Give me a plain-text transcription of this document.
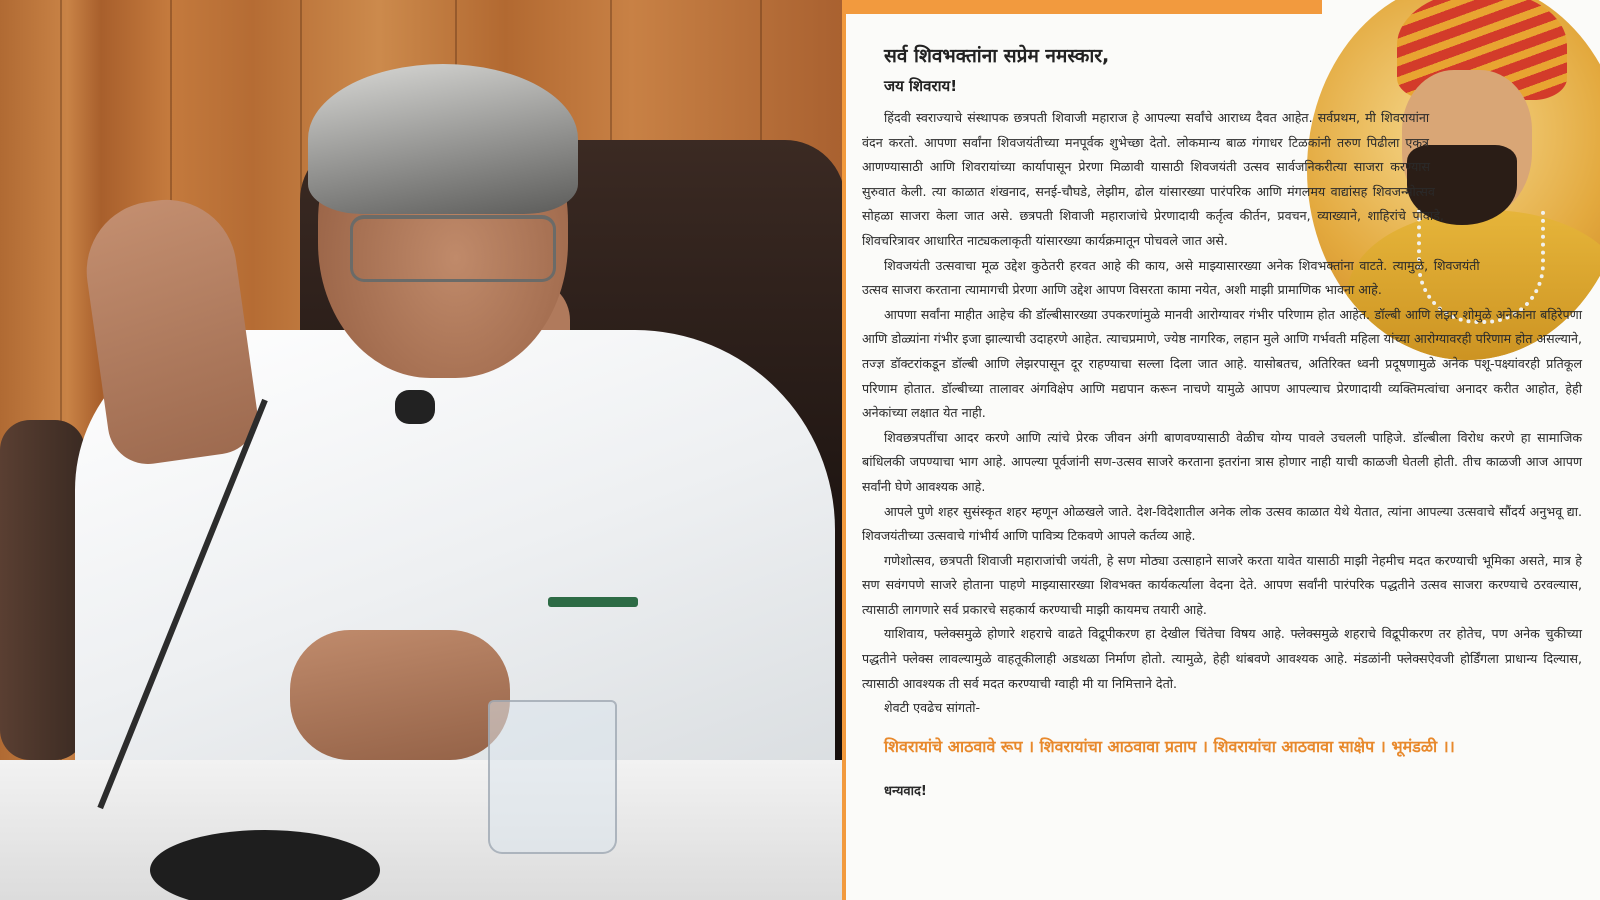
सर्व शिवभक्तांना सप्रेम नमस्कार,

जय शिवराय!

हिंदवी स्वराज्याचे संस्थापक छत्रपती शिवाजी महाराज हे आपल्या सर्वांचे आराध्य दैवत आहेत. सर्वप्रथम, मी शिवरायांना वंदन करतो. आपणा सर्वांना शिवजयंतीच्या मनपूर्वक शुभेच्छा देतो. लोकमान्य बाळ गंगाधर टिळकांनी तरुण पिढीला एकत्र आणण्यासाठी आणि शिवरायांच्या कार्यापासून प्रेरणा मिळावी यासाठी शिवजयंती उत्सव सार्वजनिकरीत्या साजरा करण्यास सुरुवात केली. त्या काळात शंखनाद, सनई-चौघडे, लेझीम, ढोल यांसारख्या पारंपरिक आणि मंगलमय वाद्यांसह शिवजन्मोत्सव सोहळा साजरा केला जात असे. छत्रपती शिवाजी महाराजांचे प्रेरणादायी कर्तृत्व कीर्तन, प्रवचन, व्याख्याने, शाहिरांचे पोवाडे, शिवचरित्रावर आधारित नाट्यकलाकृती यांसारख्या कार्यक्रमातून पोचवले जात असे.

शिवजयंती उत्सवाचा मूळ उद्देश कुठेतरी हरवत आहे की काय, असे माझ्यासारख्या अनेक शिवभक्तांना वाटते. त्यामुळे, शिवजयंती उत्सव साजरा करताना त्यामागची प्रेरणा आणि उद्देश आपण विसरता कामा नयेत, अशी माझी प्रामाणिक भावना आहे.

आपणा सर्वांना माहीत आहेच की डॉल्बीसारख्या उपकरणांमुळे मानवी आरोग्यावर गंभीर परिणाम होत आहेत. डॉल्बी आणि लेझर शोमुळे अनेकांना बहिरेपणा आणि डोळ्यांना गंभीर इजा झाल्याची उदाहरणे आहेत. त्याचप्रमाणे, ज्येष्ठ नागरिक, लहान मुले आणि गर्भवती महिला यांच्या आरोग्यावरही परिणाम होत असल्याने, तज्ज्ञ डॉक्टरांकडून डॉल्बी आणि लेझरपासून दूर राहण्याचा सल्ला दिला जात आहे. यासोबतच, अतिरिक्त ध्वनी प्रदूषणामुळे अनेक पशू-पक्ष्यांवरही प्रतिकूल परिणाम होतात. डॉल्बीच्या तालावर अंगविक्षेप आणि मद्यपान करून नाचणे यामुळे आपण आपल्याच प्रेरणादायी व्यक्तिमत्वांचा अनादर करीत आहोत, हेही अनेकांच्या लक्षात येत नाही.

शिवछत्रपतींचा आदर करणे आणि त्यांचे प्रेरक जीवन अंगी बाणवण्यासाठी वेळीच योग्य पावले उचलली पाहिजे. डॉल्बीला विरोध करणे हा सामाजिक बांधिलकी जपण्याचा भाग आहे. आपल्या पूर्वजांनी सण-उत्सव साजरे करताना इतरांना त्रास होणार नाही याची काळजी घेतली होती. तीच काळजी आज आपण सर्वांनी घेणे आवश्यक आहे.

आपले पुणे शहर सुसंस्कृत शहर म्हणून ओळखले जाते. देश-विदेशातील अनेक लोक उत्सव काळात येथे येतात, त्यांना आपल्या उत्सवाचे सौंदर्य अनुभवू द्या. शिवजयंतीच्या उत्सवाचे गांभीर्य आणि पावित्र्य टिकवणे आपले कर्तव्य आहे.

गणेशोत्सव, छत्रपती शिवाजी महाराजांची जयंती, हे सण मोठ्या उत्साहाने साजरे करता यावेत यासाठी माझी नेहमीच मदत करण्याची भूमिका असते, मात्र हे सण सवंगपणे साजरे होताना पाहणे माझ्यासारख्या शिवभक्त कार्यकर्त्याला वेदना देते. आपण सर्वांनी पारंपरिक पद्धतीने उत्सव साजरा करण्याचे ठरवल्यास, त्यासाठी लागणारे सर्व प्रकारचे सहकार्य करण्याची माझी कायमच तयारी आहे.

याशिवाय, फ्लेक्समुळे होणारे शहराचे वाढते विद्रूपीकरण हा देखील चिंतेचा विषय आहे. फ्लेक्समुळे शहराचे विद्रूपीकरण तर होतेच, पण अनेक चुकीच्या पद्धतीने फ्लेक्स लावल्यामुळे वाहतूकीलाही अडथळा निर्माण होतो. त्यामुळे, हेही थांबवणे आवश्यक आहे. मंडळांनी फ्लेक्सऐवजी होर्डिंगला प्राधान्य दिल्यास, त्यासाठी आवश्यक ती सर्व मदत करण्याची ग्वाही मी या निमित्ताने देतो.

शेवटी एवढेच सांगतो-

शिवरायांचे आठवावे रूप । शिवरायांचा आठवावा प्रताप । शिवरायांचा आठवावा साक्षेप । भूमंडळी ।।

धन्यवाद!
